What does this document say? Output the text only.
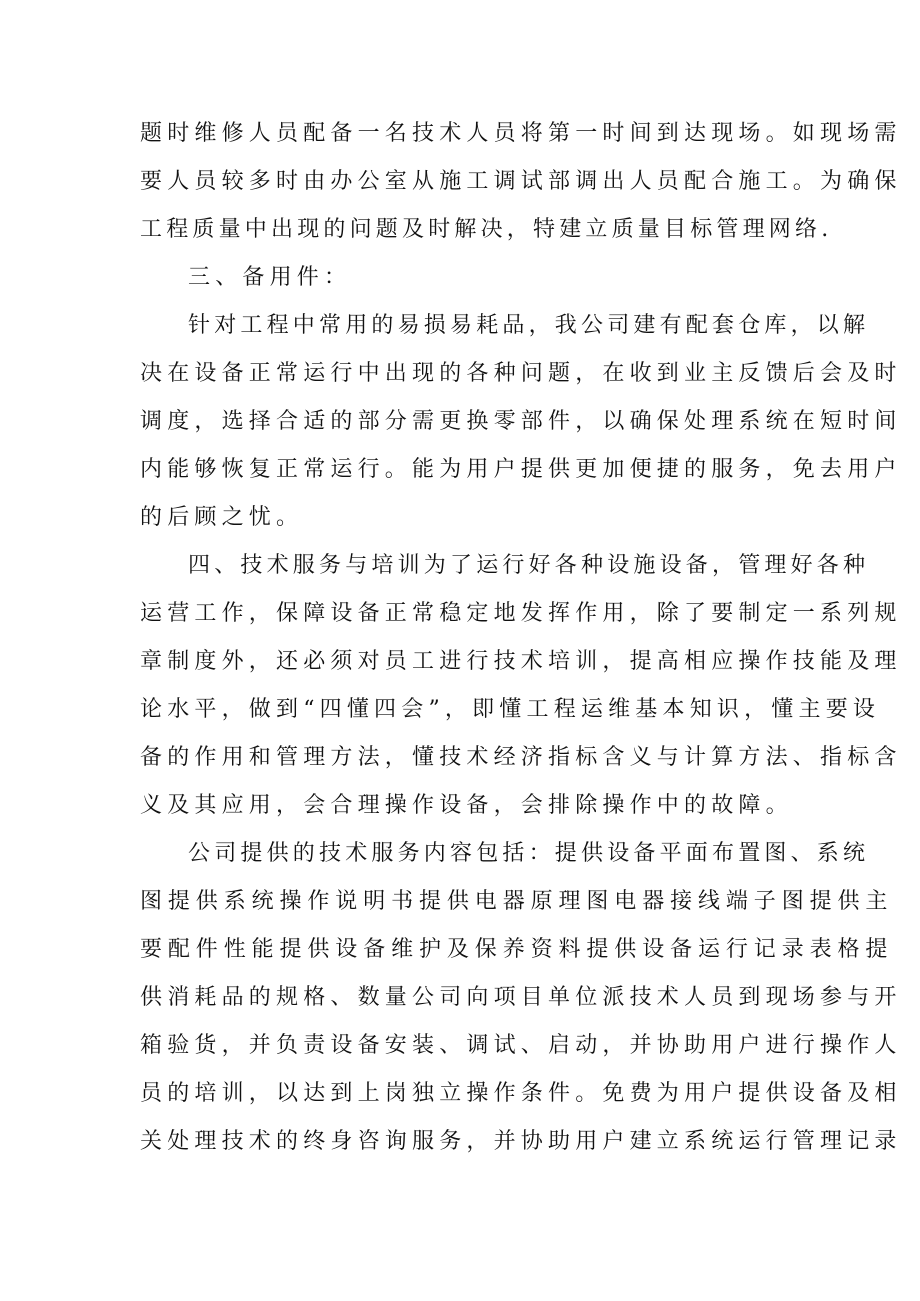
题时维修人员配备一名技术人员将第一时间到达现场。如现场需
要人员较多时由办公室从施工调试部调出人员配合施工。为确保
工程质量中出现的问题及时解决，特建立质量目标管理网络.
三、备用件：
针对工程中常用的易损易耗品，我公司建有配套仓库，以解
决在设备正常运行中出现的各种问题，在收到业主反馈后会及时
调度，选择合适的部分需更换零部件，以确保处理系统在短时间
内能够恢复正常运行。能为用户提供更加便捷的服务，免去用户
的后顾之忧。
四、技术服务与培训为了运行好各种设施设备，管理好各种
运营工作，保障设备正常稳定地发挥作用，除了要制定一系列规
章制度外，还必须对员工进行技术培训，提高相应操作技能及理
论水平，做到“四懂四会”，即懂工程运维基本知识，懂主要设
备的作用和管理方法，懂技术经济指标含义与计算方法、指标含
义及其应用，会合理操作设备，会排除操作中的故障。
公司提供的技术服务内容包括：提供设备平面布置图、系统
图提供系统操作说明书提供电器原理图电器接线端子图提供主
要配件性能提供设备维护及保养资料提供设备运行记录表格提
供消耗品的规格、数量公司向项目单位派技术人员到现场参与开
箱验货，并负责设备安装、调试、启动，并协助用户进行操作人
员的培训，以达到上岗独立操作条件。免费为用户提供设备及相
关处理技术的终身咨询服务，并协助用户建立系统运行管理记录
